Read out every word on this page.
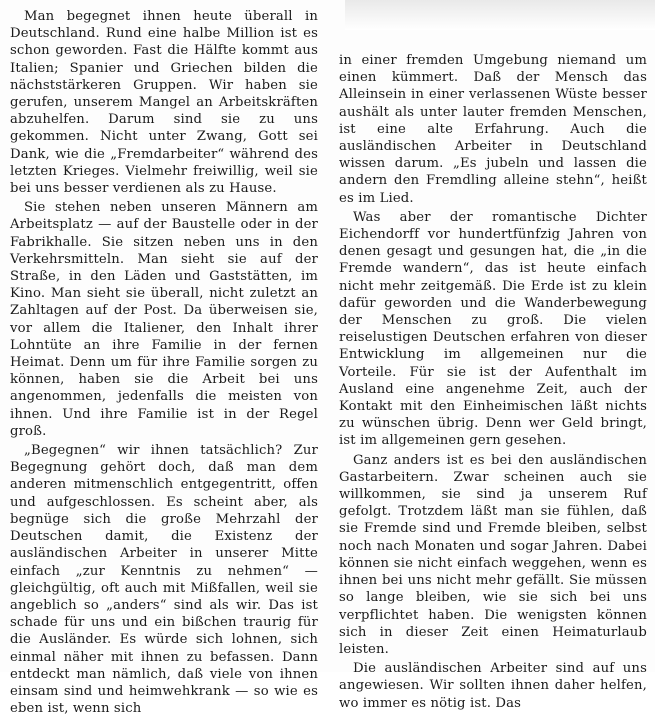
Man begegnet ihnen heute überall in Deutschland. Rund eine halbe Million ist es schon geworden. Fast die Hälfte kommt aus Italien; Spanier und Griechen bilden die nächststärkeren Gruppen. Wir haben sie gerufen, unserem Mangel an Arbeitskräften abzuhelfen. Darum sind sie zu uns gekommen. Nicht unter Zwang, Gott sei Dank, wie die „Fremdarbeiter“ während des letzten Krieges. Vielmehr freiwillig, weil sie bei uns besser verdienen als zu Hause.

Sie stehen neben unseren Männern am Arbeitsplatz — auf der Baustelle oder in der Fabrikhalle. Sie sitzen neben uns in den Verkehrsmitteln. Man sieht sie auf der Straße, in den Läden und Gaststätten, im Kino. Man sieht sie überall, nicht zuletzt an Zahltagen auf der Post. Da überweisen sie, vor allem die Italiener, den Inhalt ihrer Lohntüte an ihre Familie in der fernen Heimat. Denn um für ihre Familie sorgen zu können, haben sie die Arbeit bei uns angenommen, jedenfalls die meisten von ihnen. Und ihre Familie ist in der Regel groß.

„Begegnen“ wir ihnen tatsächlich? Zur Begegnung gehört doch, daß man dem anderen mitmenschlich entgegentritt, offen und aufgeschlossen. Es scheint aber, als begnüge sich die große Mehrzahl der Deutschen damit, die Existenz der ausländischen Arbeiter in unserer Mitte einfach „zur Kenntnis zu nehmen“ — gleichgültig, oft auch mit Mißfallen, weil sie angeblich so „anders“ sind als wir. Das ist schade für uns und ein bißchen traurig für die Ausländer. Es würde sich lohnen, sich einmal näher mit ihnen zu befassen. Dann entdeckt man nämlich, daß viele von ihnen einsam sind und heimwehkrank — so wie es eben ist, wenn sich

in einer fremden Umgebung niemand um einen kümmert. Daß der Mensch das Alleinsein in einer verlassenen Wüste besser aushält als unter lauter fremden Menschen, ist eine alte Erfahrung. Auch die ausländischen Arbeiter in Deutschland wissen darum. „Es jubeln und lassen die andern den Fremdling alleine stehn“, heißt es im Lied.

Was aber der romantische Dichter Eichendorff vor hundertfünfzig Jahren von denen gesagt und gesungen hat, die „in die Fremde wandern“, das ist heute einfach nicht mehr zeitgemäß. Die Erde ist zu klein dafür geworden und die Wanderbewegung der Menschen zu groß. Die vielen reiselustigen Deutschen erfahren von dieser Entwicklung im allgemeinen nur die Vorteile. Für sie ist der Aufenthalt im Ausland eine angenehme Zeit, auch der Kontakt mit den Einheimischen läßt nichts zu wünschen übrig. Denn wer Geld bringt, ist im allgemeinen gern gesehen.

Ganz anders ist es bei den ausländischen Gastarbeitern. Zwar scheinen auch sie willkommen, sie sind ja unserem Ruf gefolgt. Trotzdem läßt man sie fühlen, daß sie Fremde sind und Fremde bleiben, selbst noch nach Monaten und sogar Jahren. Dabei können sie nicht einfach weggehen, wenn es ihnen bei uns nicht mehr gefällt. Sie müssen so lange bleiben, wie sie sich bei uns verpflichtet haben. Die wenigsten können sich in dieser Zeit einen Heimaturlaub leisten.

Die ausländischen Arbeiter sind auf uns angewiesen. Wir sollten ihnen daher helfen, wo immer es nötig ist. Das
